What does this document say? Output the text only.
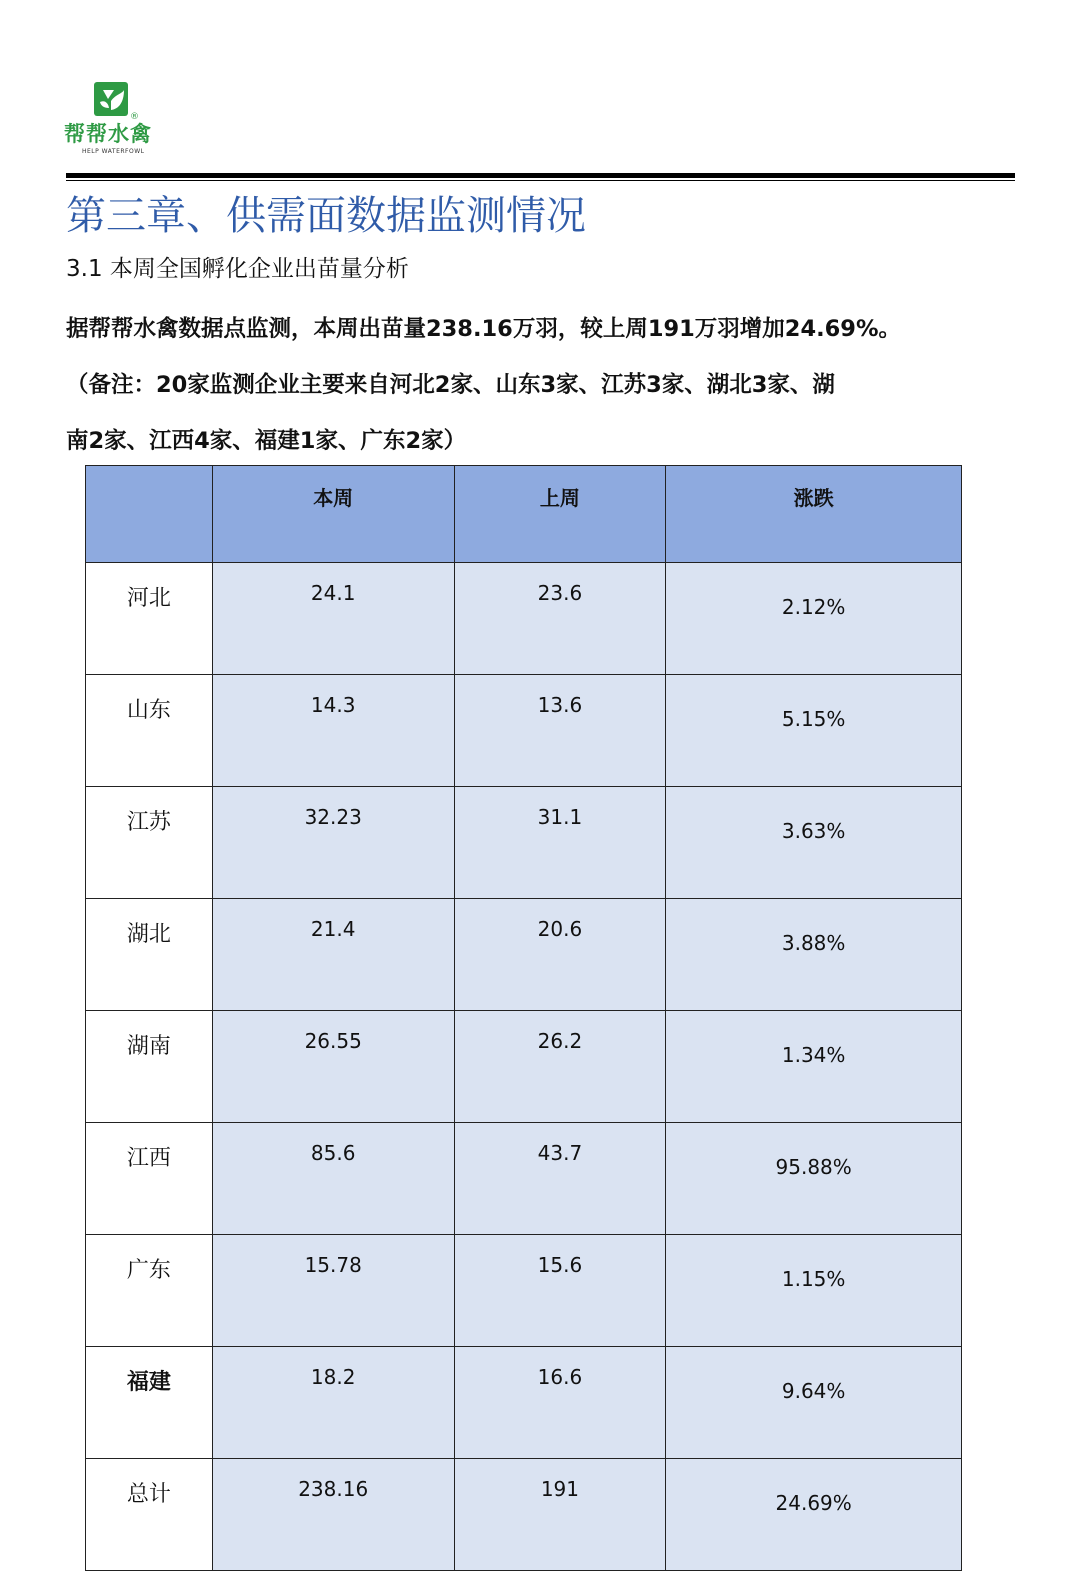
®
帮帮水禽
HELP WATERFOWL
第三章、供需面数据监测情况
3.1 本周全国孵化企业出苗量分析

据帮帮水禽数据点监测，本周出苗量238.16万羽，较上周191万羽增加24.69%。

（备注：20家监测企业主要来自河北2家、山东3家、江苏3家、湖北3家、湖

南2家、江西4家、福建1家、广东2家）

	本周	上周	涨跌
河北	24.1	23.6	2.12%
山东	14.3	13.6	5.15%
江苏	32.23	31.1	3.63%
湖北	21.4	20.6	3.88%
湖南	26.55	26.2	1.34%
江西	85.6	43.7	95.88%
广东	15.78	15.6	1.15%
福建	18.2	16.6	9.64%
总计	238.16	191	24.69%
